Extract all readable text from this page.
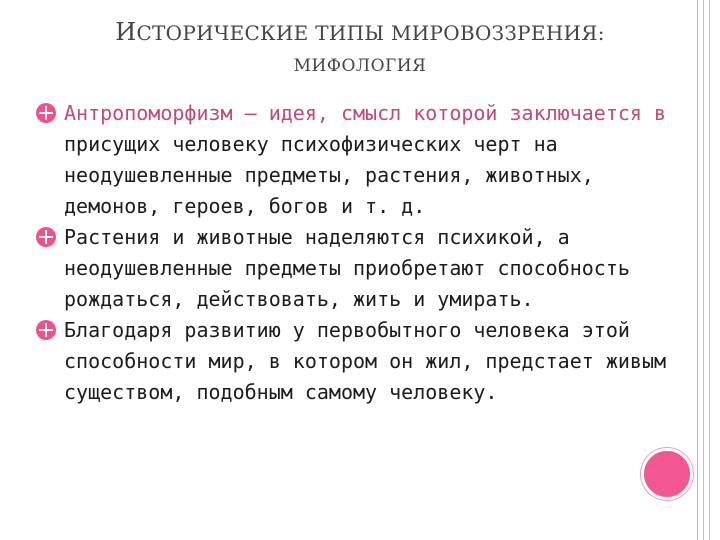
ИСТОРИЧЕСКИЕ ТИПЫ МИРОВОЗЗРЕНИЯ:
МИФОЛОГИЯ
Антропоморфизм – идея, смысл которой заключается в присущих человеку психофизических черт на неодушевленные предметы, растения, животных, демонов, героев, богов и т. д.
Растения и животные наделяются психикой, а неодушевленные предметы приобретают способность рождаться, действовать, жить и умирать.
Благодаря развитию у первобытного человека этой способности мир, в котором он жил, предстает живым существом, подобным самому человеку.
